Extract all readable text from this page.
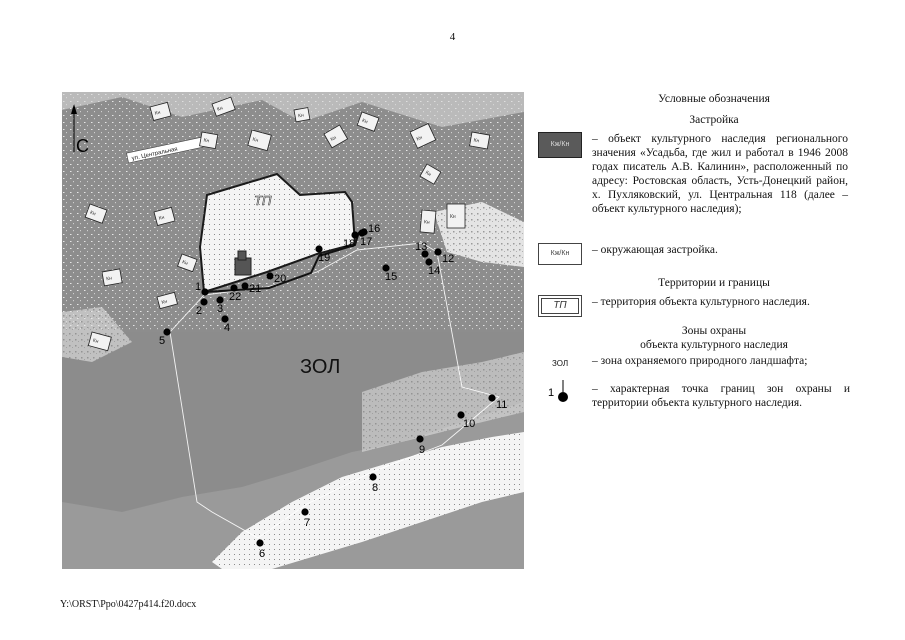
4
ул. Центральная
Кн
Кн
Кн
Кн
Кн
Кн
Кн
Кн
Кн
Кн
Кн
Кн
Кн
Кн
Кн
Кн
Кн
Кн
ТП
ЗОЛ
С
1
2 3
4
5
6
7
8
9
10
11
12
13
14
15
16
17
18
19
20
21
22
Условные обозначения
Застройка
Кж/Кн	– объект культурного наследия регионального значения «Усадьба, где жил и работал в 1946 2008 годах писатель А.В. Калинин», расположенный по адресу: Ростовская область, Усть-Донецкий район, х. Пухляковский, ул. Центральная 118 (далее – объект культурного наследия);
Кж/Кн	– окружающая застройка.
Территории и границы
ТП	– территория объекта культурного наследия.
Зоны охраны
объекта культурного наследия
ЗОЛ – зона охраняемого природного ландшафта;
1	– характерная точка границ зон охраны и территории объекта культурного наследия.
Y:\ORST\Ppo\0427p414.f20.docx
